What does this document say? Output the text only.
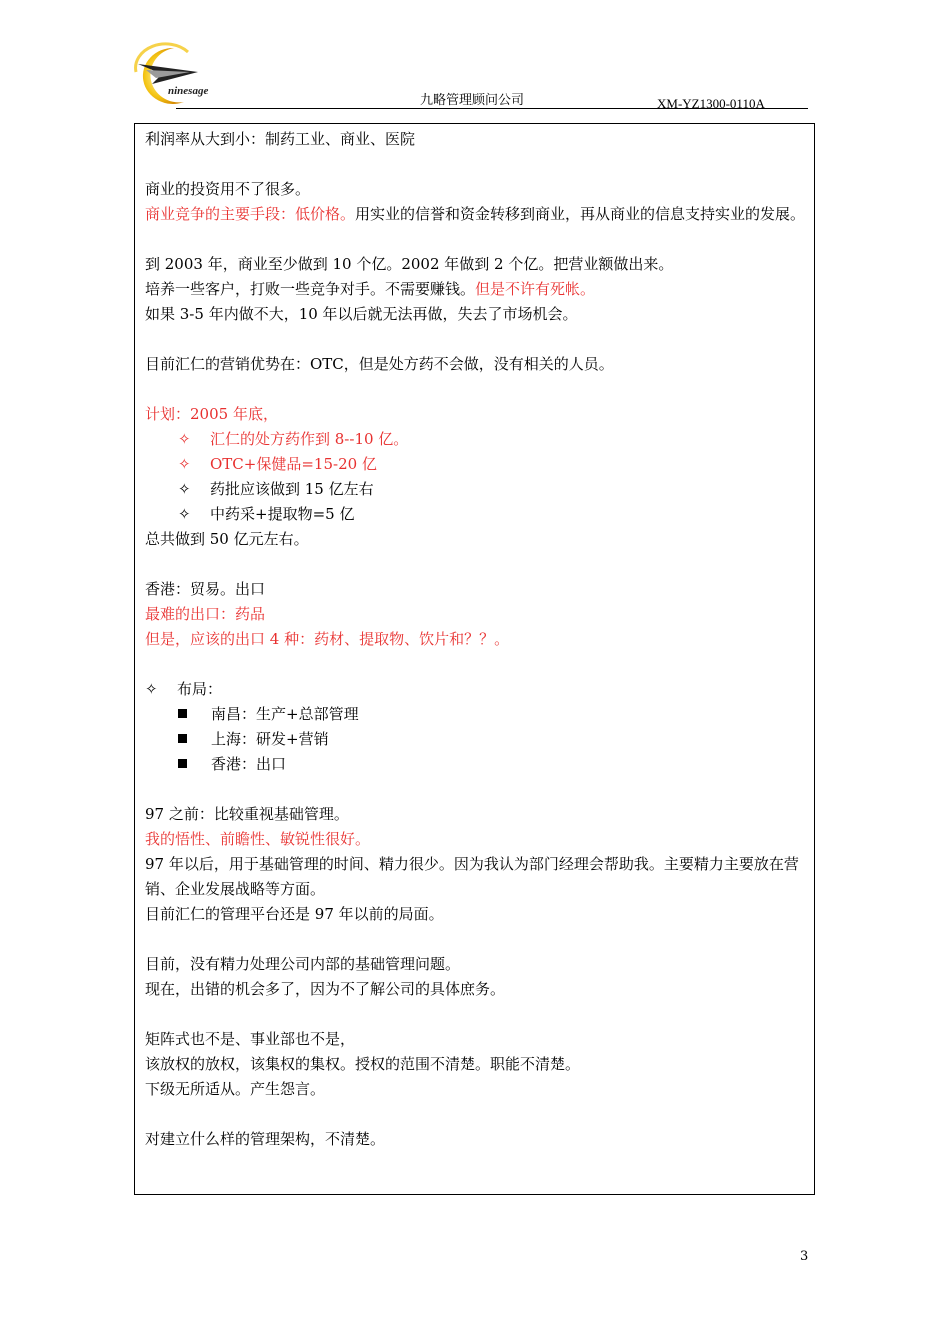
ninesage
九略管理顾问公司	XM-YZ1300-0110A
利润率从大到小：制药工业、商业、医院
商业的投资用不了很多。
商业竞争的主要手段：低价格。用实业的信誉和资金转移到商业，再从商业的信息支持实业的发展。
到 2003 年，商业至少做到 10 个亿。2002 年做到 2 个亿。把营业额做出来。
培养一些客户，打败一些竞争对手。不需要赚钱。但是不许有死帐。
如果 3-5 年内做不大，10 年以后就无法再做，失去了市场机会。
目前汇仁的营销优势在：OTC，但是处方药不会做，没有相关的人员。
计划：2005 年底，
✧ 汇仁的处方药作到 8--10 亿。
✧ OTC+保健品=15-20 亿
✧ 药批应该做到 15 亿左右
✧ 中药采+提取物=5 亿
总共做到 50 亿元左右。
香港：贸易。出口
最难的出口：药品
但是，应该的出口 4 种：药材、提取物、饮片和？？。
✧ 布局：
南昌：生产+总部管理
上海：研发+营销
香港：出口
97 之前：比较重视基础管理。
我的悟性、前瞻性、敏锐性很好。
97 年以后，用于基础管理的时间、精力很少。因为我认为部门经理会帮助我。主要精力主要放在营销、企业发展战略等方面。
目前汇仁的管理平台还是 97 年以前的局面。
目前，没有精力处理公司内部的基础管理问题。
现在，出错的机会多了，因为不了解公司的具体庶务。
矩阵式也不是、事业部也不是，
该放权的放权，该集权的集权。授权的范围不清楚。职能不清楚。
下级无所适从。产生怨言。
对建立什么样的管理架构，不清楚。
3
